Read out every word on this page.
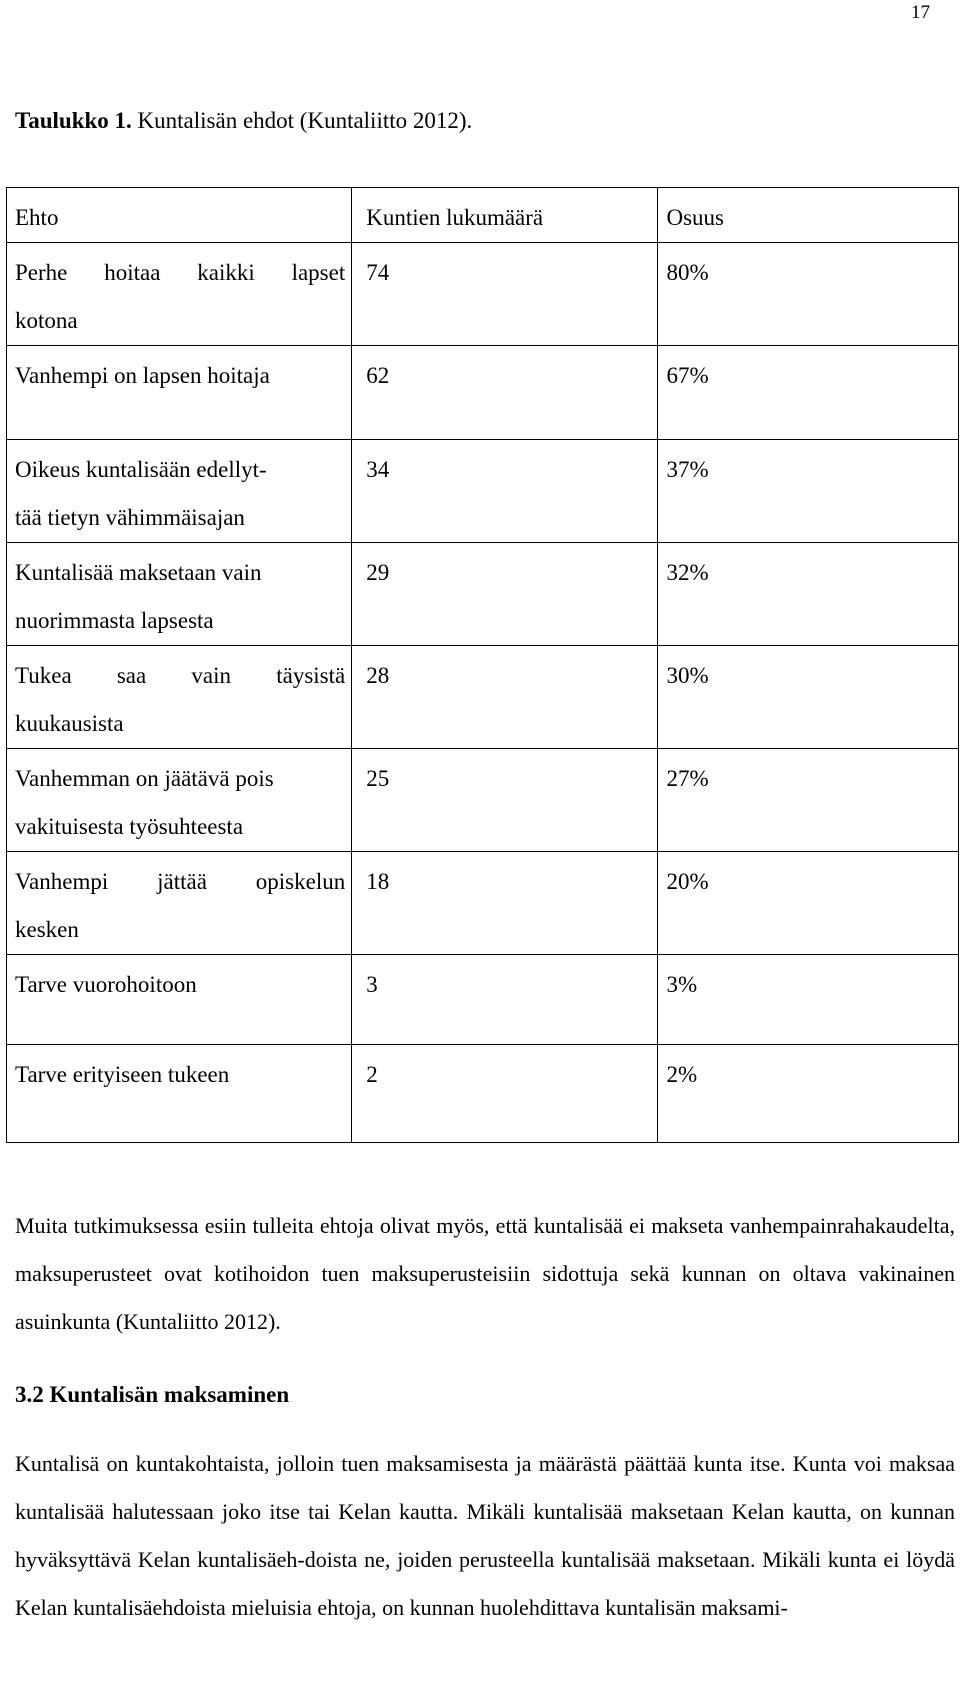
17
Taulukko 1. Kuntalisän ehdot (Kuntaliitto 2012).
Ehto	Kuntien lukumäärä	Osuus

Perhe hoitaa kaikki lapset
kotona	74	80%
Vanhempi on lapsen hoitaja	62	67%
Oikeus kuntalisään edellyt-
tää tietyn vähimmäisajan	34	37%
Kuntalisää maksetaan vain
nuorimmasta lapsesta	29	32%

Tukea saa vain täysistä
kuukausista	28	30%
Vanhemman on jäätävä pois
vakituisesta työsuhteesta	25	27%

Vanhempi jättää opiskelun
kesken	18	20%
Tarve vuorohoitoon	3	3%
Tarve erityiseen tukeen	2	2%
Muita tutkimuksessa esiin tulleita ehtoja olivat myös, että kuntalisää ei makseta vanhempainrahakaudelta, maksuperusteet ovat kotihoidon tuen maksuperusteisiin sidottuja sekä kunnan on oltava vakinainen asuinkunta (Kuntaliitto 2012).
3.2 Kuntalisän maksaminen
Kuntalisä on kuntakohtaista, jolloin tuen maksamisesta ja määrästä päättää kunta itse. Kunta voi maksaa kuntalisää halutessaan joko itse tai Kelan kautta. Mikäli kuntalisää maksetaan Kelan kautta, on kunnan hyväksyttävä Kelan kuntalisäeh-doista ne, joiden perusteella kuntalisää maksetaan. Mikäli kunta ei löydä Kelan kuntalisäehdoista mieluisia ehtoja, on kunnan huolehdittava kuntalisän maksami-
